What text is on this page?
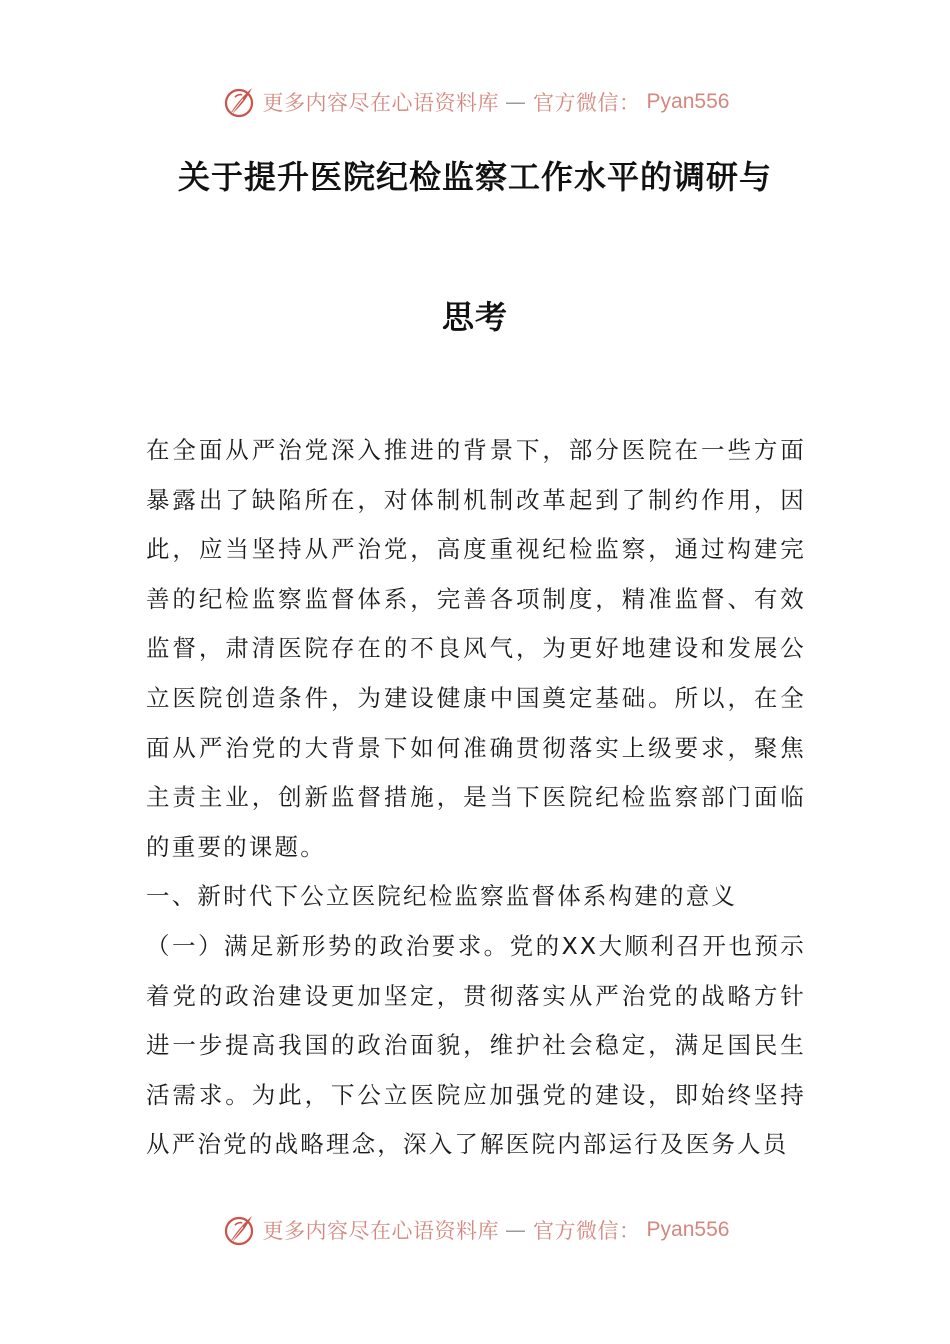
更多内容尽在心语资料库 — 官方微信： Pyan556
关于提升医院纪检监察工作水平的调研与
思考

在全面从严治党深入推进的背景下，部分医院在一些方面暴露出了缺陷所在，对体制机制改革起到了制约作用，因此，应当坚持从严治党，高度重视纪检监察，通过构建完善的纪检监察监督体系，完善各项制度，精准监督、有效监督，肃清医院存在的不良风气，为更好地建设和发展公立医院创造条件，为建设健康中国奠定基础。所以，在全面从严治党的大背景下如何准确贯彻落实上级要求，聚焦主责主业，创新监督措施，是当下医院纪检监察部门面临的重要的课题。

一、新时代下公立医院纪检监察监督体系构建的意义

（一）满足新形势的政治要求。党的XX大顺利召开也预示着党的政治建设更加坚定，贯彻落实从严治党的战略方针进一步提高我国的政治面貌，维护社会稳定，满足国民生活需求。为此，下公立医院应加强党的建设，即始终坚持从严治党的战略理念，深入了解医院内部运行及医务人员

更多内容尽在心语资料库 — 官方微信： Pyan556
